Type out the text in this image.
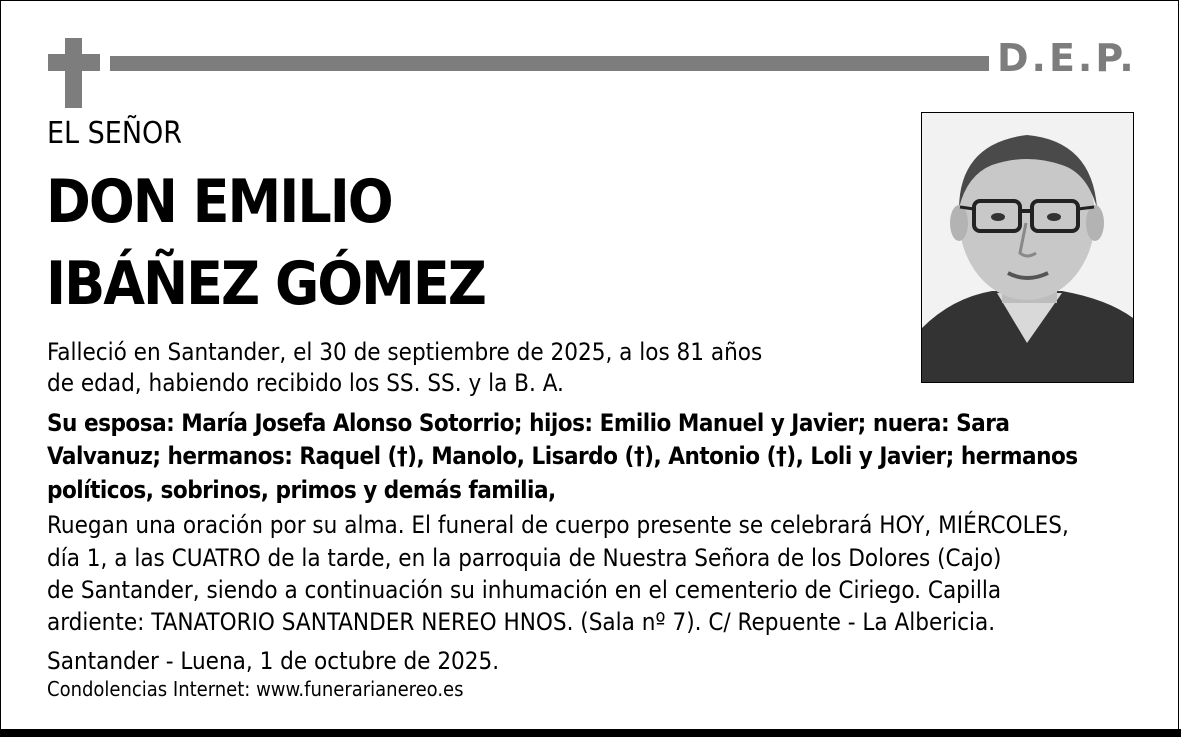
D.E.P.
EL SEÑOR
DON EMILIO
IBÁÑEZ GÓMEZ
Falleció en Santander, el 30 de septiembre de 2025, a los 81 años
de edad, habiendo recibido los SS. SS. y la B. A.
Su esposa: María Josefa Alonso Sotorrio; hijos: Emilio Manuel y Javier; nuera: Sara
Valvanuz; hermanos: Raquel (†), Manolo, Lisardo (†), Antonio (†), Loli y Javier; hermanos
políticos, sobrinos, primos y demás familia,
Ruegan una oración por su alma. El funeral de cuerpo presente se celebrará HOY, MIÉRCOLES,
día 1, a las CUATRO de la tarde, en la parroquia de Nuestra Señora de los Dolores (Cajo)
de Santander, siendo a continuación su inhumación en el cementerio de Ciriego. Capilla
ardiente: TANATORIO SANTANDER NEREO HNOS. (Sala nº 7). C/ Repuente - La Albericia.
Santander - Luena, 1 de octubre de 2025.
Condolencias Internet: www.funerarianereo.es
